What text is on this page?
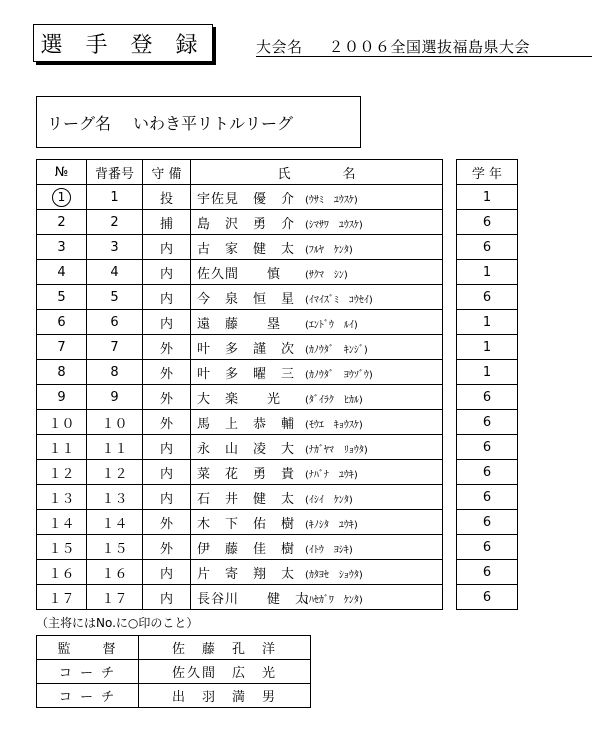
選 手 登 録	大会名 ２００６全国選抜福島県大会
リーグ名 いわき平リトルリーグ
№	背番号	守 備	氏　　　　名
1	1	投	宇佐見　優　介 (ｳｻﾐ　ﾕｳｽｹ)
2	2	捕	島　沢　勇　介 (ｼﾏｻﾜ　ﾕｳｽｹ)
3	3	内	古　家　健　太 (ﾌﾙﾔ　ｹﾝﾀ)
4	4	内	佐久間　　慎 (ｻｸﾏ　ｼﾝ)
5	5	内	今　泉　恒　星 (ｲﾏｲｽﾞﾐ　ｺｳｾｲ)
6	6	内	遠　藤　　塁 (ｴﾝﾄﾞｳ　ﾙｲ)
7	7	外	叶　多　謹　次 (ｶﾉｳﾀﾞ　ｷﾝｼﾞ)
8	8	外	叶　多　曜　三 (ｶﾉｳﾀﾞ　ﾖｳｿﾞｳ)
9	9	外	大　楽　　光 (ﾀﾞｲﾗｸ　ﾋｶﾙ)
１０	１０	外	馬　上　恭　輔 (ﾓｳｴ　ｷｮｳｽｹ)
１１	１１	内	永　山　凌　大 (ﾅｶﾞﾔﾏ　ﾘｮｳﾀ)
１２	１２	内	菜　花　勇　貴 (ﾅﾊﾞﾅ　ﾕｳｷ)
１３	１３	内	石　井　健　太 (ｲｼｲ　ｹﾝﾀ)
１４	１４	外	木　下　佑　樹 (ｷﾉｼﾀ　ﾕｳｷ)
１５	１５	外	伊　藤　佳　樹 (ｲﾄｳ　ﾖｼｷ)
１６	１６	内	片　寄　翔　太 (ｶﾀﾖｾ　ｼｮｳﾀ)
１７	１７	内	長谷川　　健　太(ﾊｾｶﾞﾜ　ｹﾝﾀ)
学 年
1
6
6
1
6
1
1
1
6
6
6
6
6
6
6
6
6
（主将にはNo.に○印のこと）
監　　督	佐　藤　孔　洋
コ ー チ	佐久間　広　光
コ ー チ	出　羽　満　男
